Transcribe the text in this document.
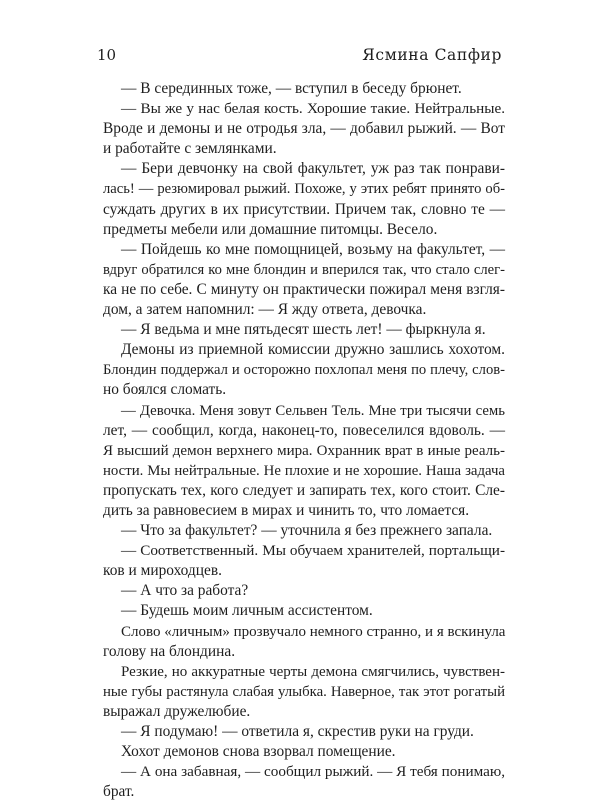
10	Ясмина Сапфир
— В серединных тоже, — вступил в беседу брюнет.
— Вы же у нас белая кость. Хорошие такие. Нейтральные.
Вроде и демоны и не отродья зла, — добавил рыжий. — Вот
и работайте с землянками.
— Бери девчонку на свой факультет, уж раз так понрави-
лась! — резюмировал рыжий. Похоже, у этих ребят принято об-
суждать других в их присутствии. Причем так, словно те —
предметы мебели или домашние питомцы. Весело.
— Пойдешь ко мне помощницей, возьму на факультет, —
вдруг обратился ко мне блондин и вперился так, что стало слег-
ка не по себе. С минуту он практически пожирал меня взгля-
дом, а затем напомнил: — Я жду ответа, девочка.
— Я ведьма и мне пятьдесят шесть лет! — фыркнула я.
Демоны из приемной комиссии дружно зашлись хохотом.
Блондин поддержал и осторожно похлопал меня по плечу, слов-
но боялся сломать.
— Девочка. Меня зовут Сельвен Тель. Мне три тысячи семь
лет, — сообщил, когда, наконец-то, повеселился вдоволь. —
Я высший демон верхнего мира. Охранник врат в иные реаль-
ности. Мы нейтральные. Не плохие и не хорошие. Наша задача
пропускать тех, кого следует и запирать тех, кого стоит. Сле-
дить за равновесием в мирах и чинить то, что ломается.
— Что за факультет? — уточнила я без прежнего запала.
— Соответственный. Мы обучаем хранителей, портальщи-
ков и мироходцев.
— А что за работа?
— Будешь моим личным ассистентом.
Слово «личным» прозвучало немного странно, и я вскинула
голову на блондина.
Резкие, но аккуратные черты демона смягчились, чувствен-
ные губы растянула слабая улыбка. Наверное, так этот рогатый
выражал дружелюбие.
— Я подумаю! — ответила я, скрестив руки на груди.
Хохот демонов снова взорвал помещение.
— А она забавная, — сообщил рыжий. — Я тебя понимаю,
брат.
